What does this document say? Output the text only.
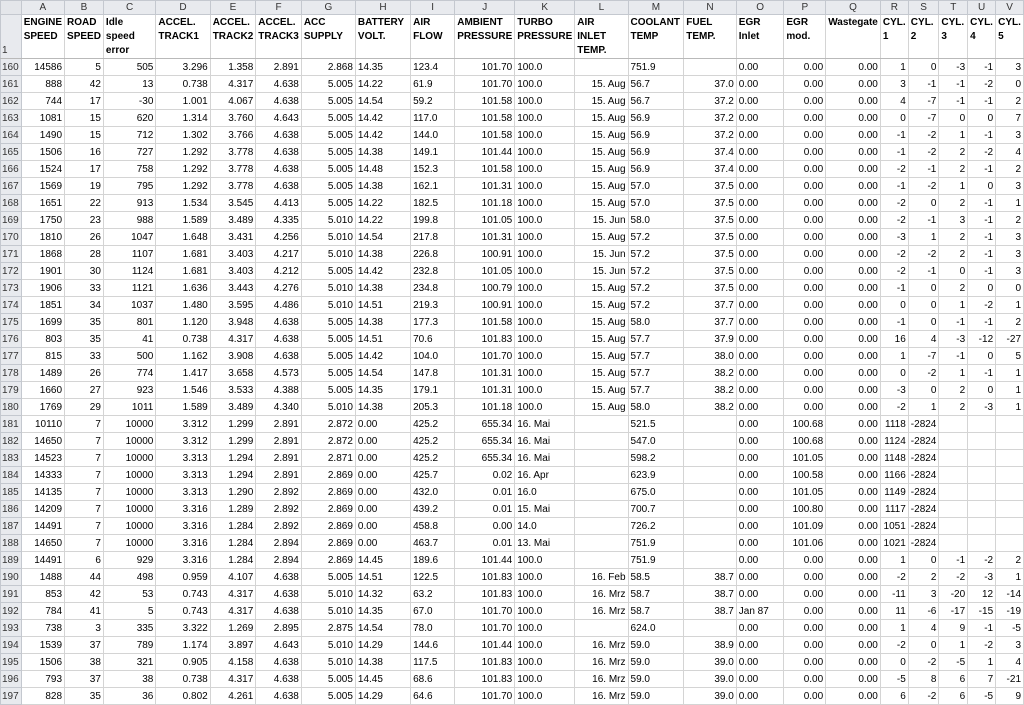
	A	B	C	D	E	F	G	H	I	J	K	L	M	N	O	P	Q	R	S	T	U	V
1	ENGINE SPEED	ROAD SPEED	Idle speed error	ACCEL. TRACK1	ACCEL. TRACK2	ACCEL. TRACK3	ACC SUPPLY	BATTERY VOLT.	AIR FLOW	AMBIENT PRESSURE	TURBO PRESSURE	AIR INLET TEMP.	COOLANT TEMP	FUEL TEMP.	EGR Inlet	EGR mod.	Wastegate	CYL. 1	CYL. 2	CYL. 3	CYL. 4	CYL. 5
160	14586	5	505	3.296	1.358	2.891	2.868	14.35	123.4	101.70	100.0		751.9		0.00	0.00	0.00	1	0	-3	-1	3
161	888	42	13	0.738	4.317	4.638	5.005	14.22	61.9	101.70	100.0	15. Aug	56.7	37.0	0.00	0.00	0.00	3	-1	-1	-2	0
162	744	17	-30	1.001	4.067	4.638	5.005	14.54	59.2	101.58	100.0	15. Aug	56.7	37.2	0.00	0.00	0.00	4	-7	-1	-1	2
163	1081	15	620	1.314	3.760	4.643	5.005	14.42	117.0	101.58	100.0	15. Aug	56.9	37.2	0.00	0.00	0.00	0	-7	0	0	7
164	1490	15	712	1.302	3.766	4.638	5.005	14.42	144.0	101.58	100.0	15. Aug	56.9	37.2	0.00	0.00	0.00	-1	-2	1	-1	3
165	1506	16	727	1.292	3.778	4.638	5.005	14.38	149.1	101.44	100.0	15. Aug	56.9	37.4	0.00	0.00	0.00	-1	-2	2	-2	4
166	1524	17	758	1.292	3.778	4.638	5.005	14.48	152.3	101.58	100.0	15. Aug	56.9	37.4	0.00	0.00	0.00	-2	-1	2	-1	2
167	1569	19	795	1.292	3.778	4.638	5.005	14.38	162.1	101.31	100.0	15. Aug	57.0	37.5	0.00	0.00	0.00	-1	-2	1	0	3
168	1651	22	913	1.534	3.545	4.413	5.005	14.22	182.5	101.18	100.0	15. Aug	57.0	37.5	0.00	0.00	0.00	-2	0	2	-1	1
169	1750	23	988	1.589	3.489	4.335	5.010	14.22	199.8	101.05	100.0	15. Jun	58.0	37.5	0.00	0.00	0.00	-2	-1	3	-1	2
170	1810	26	1047	1.648	3.431	4.256	5.010	14.54	217.8	101.31	100.0	15. Aug	57.2	37.5	0.00	0.00	0.00	-3	1	2	-1	3
171	1868	28	1107	1.681	3.403	4.217	5.010	14.38	226.8	100.91	100.0	15. Jun	57.2	37.5	0.00	0.00	0.00	-2	-2	2	-1	3
172	1901	30	1124	1.681	3.403	4.212	5.005	14.42	232.8	101.05	100.0	15. Jun	57.2	37.5	0.00	0.00	0.00	-2	-1	0	-1	3
173	1906	33	1121	1.636	3.443	4.276	5.010	14.38	234.8	100.79	100.0	15. Aug	57.2	37.5	0.00	0.00	0.00	-1	0	2	0	0
174	1851	34	1037	1.480	3.595	4.486	5.010	14.51	219.3	100.91	100.0	15. Aug	57.2	37.7	0.00	0.00	0.00	0	0	1	-2	1
175	1699	35	801	1.120	3.948	4.638	5.005	14.38	177.3	101.58	100.0	15. Aug	58.0	37.7	0.00	0.00	0.00	-1	0	-1	-1	2
176	803	35	41	0.738	4.317	4.638	5.005	14.51	70.6	101.83	100.0	15. Aug	57.7	37.9	0.00	0.00	0.00	16	4	-3	-12	-27
177	815	33	500	1.162	3.908	4.638	5.005	14.42	104.0	101.70	100.0	15. Aug	57.7	38.0	0.00	0.00	0.00	1	-7	-1	0	5
178	1489	26	774	1.417	3.658	4.573	5.005	14.54	147.8	101.31	100.0	15. Aug	57.7	38.2	0.00	0.00	0.00	0	-2	1	-1	1
179	1660	27	923	1.546	3.533	4.388	5.005	14.35	179.1	101.31	100.0	15. Aug	57.7	38.2	0.00	0.00	0.00	-3	0	2	0	1
180	1769	29	1011	1.589	3.489	4.340	5.010	14.38	205.3	101.18	100.0	15. Aug	58.0	38.2	0.00	0.00	0.00	-2	1	2	-3	1
181	10110	7	10000	3.312	1.299	2.891	2.872	0.00	425.2	655.34	16. Mai		521.5		0.00	100.68	0.00	1118	-2824			
182	14650	7	10000	3.312	1.299	2.891	2.872	0.00	425.2	655.34	16. Mai		547.0		0.00	100.68	0.00	1124	-2824			
183	14523	7	10000	3.313	1.294	2.891	2.871	0.00	425.2	655.34	16. Mai		598.2		0.00	101.05	0.00	1148	-2824			
184	14333	7	10000	3.313	1.294	2.891	2.869	0.00	425.7	0.02	16. Apr		623.9		0.00	100.58	0.00	1166	-2824			
185	14135	7	10000	3.313	1.290	2.892	2.869	0.00	432.0	0.01	16.0		675.0		0.00	101.05	0.00	1149	-2824			
186	14209	7	10000	3.316	1.289	2.892	2.869	0.00	439.2	0.01	15. Mai		700.7		0.00	100.80	0.00	1117	-2824			
187	14491	7	10000	3.316	1.284	2.892	2.869	0.00	458.8	0.00	14.0		726.2		0.00	101.09	0.00	1051	-2824			
188	14650	7	10000	3.316	1.284	2.894	2.869	0.00	463.7	0.01	13. Mai		751.9		0.00	101.06	0.00	1021	-2824			
189	14491	6	929	3.316	1.284	2.894	2.869	14.45	189.6	101.44	100.0		751.9		0.00	0.00	0.00	1	0	-1	-2	2
190	1488	44	498	0.959	4.107	4.638	5.005	14.51	122.5	101.83	100.0	16. Feb	58.5	38.7	0.00	0.00	0.00	-2	2	-2	-3	1
191	853	42	53	0.743	4.317	4.638	5.010	14.32	63.2	101.83	100.0	16. Mrz	58.7	38.7	0.00	0.00	0.00	-11	3	-20	12	-14
192	784	41	5	0.743	4.317	4.638	5.010	14.35	67.0	101.70	100.0	16. Mrz	58.7	38.7	Jan 87	0.00	0.00	11	-6	-17	-15	-19
193	738	3	335	3.322	1.269	2.895	2.875	14.54	78.0	101.70	100.0		624.0		0.00	0.00	0.00	1	4	9	-1	-5
194	1539	37	789	1.174	3.897	4.643	5.010	14.29	144.6	101.44	100.0	16. Mrz	59.0	38.9	0.00	0.00	0.00	-2	0	1	-2	3
195	1506	38	321	0.905	4.158	4.638	5.010	14.38	117.5	101.83	100.0	16. Mrz	59.0	39.0	0.00	0.00	0.00	0	-2	-5	1	4
196	793	37	38	0.738	4.317	4.638	5.005	14.45	68.6	101.83	100.0	16. Mrz	59.0	39.0	0.00	0.00	0.00	-5	8	6	7	-21
197	828	35	36	0.802	4.261	4.638	5.005	14.29	64.6	101.70	100.0	16. Mrz	59.0	39.0	0.00	0.00	0.00	6	-2	6	-5	9
